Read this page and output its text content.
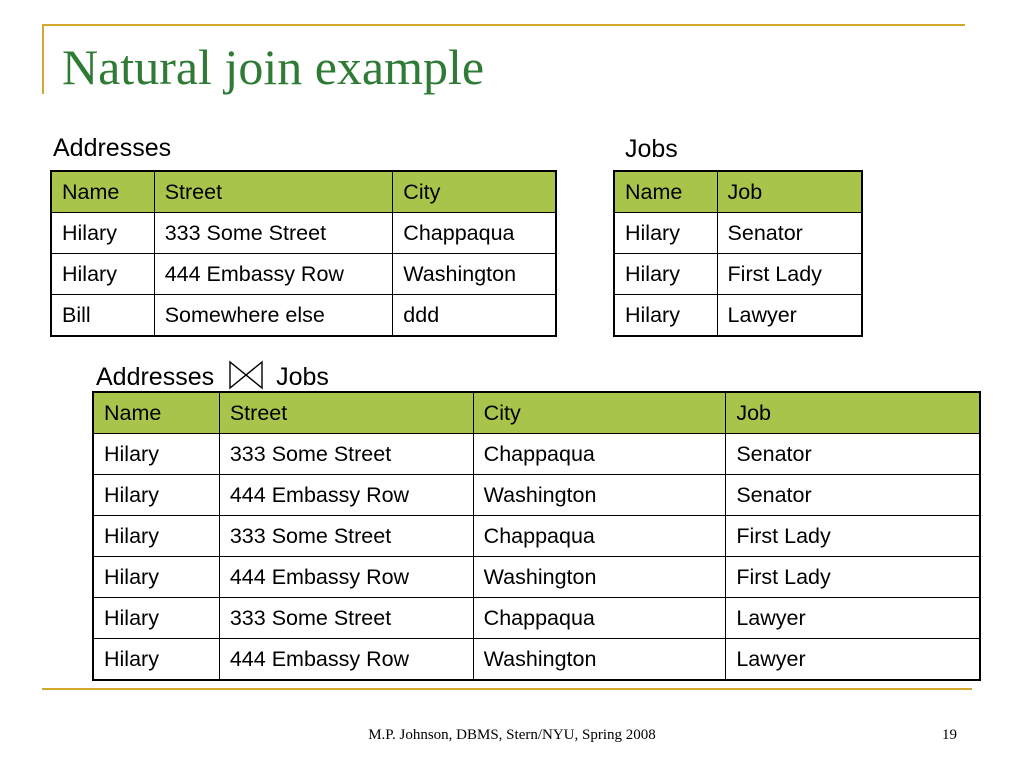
Natural join example
Addresses	Jobs
Addresses Jobs
Name	Street	City
Hilary	333 Some Street	Chappaqua
Hilary	444 Embassy Row	Washington
Bill	Somewhere else	ddd
Name	Job
Hilary	Senator
Hilary	First Lady
Hilary	Lawyer
Name	Street	City	Job
Hilary	333 Some Street	Chappaqua	Senator
Hilary	444 Embassy Row	Washington	Senator
Hilary	333 Some Street	Chappaqua	First Lady
Hilary	444 Embassy Row	Washington	First Lady
Hilary	333 Some Street	Chappaqua	Lawyer
Hilary	444 Embassy Row	Washington	Lawyer
M.P. Johnson, DBMS, Stern/NYU, Spring 2008	19
